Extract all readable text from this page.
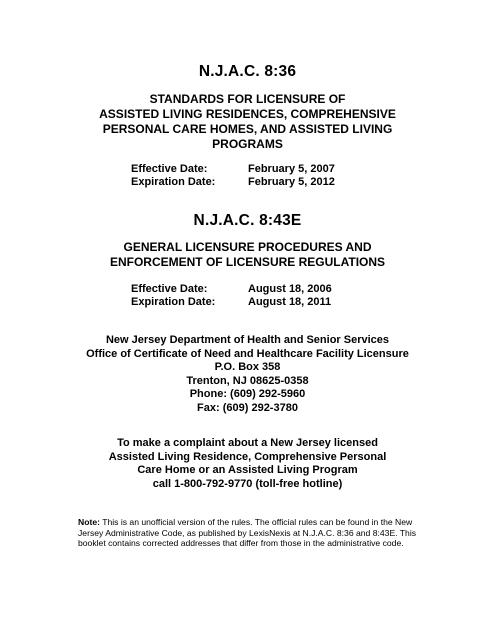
N.J.A.C. 8:36
STANDARDS FOR LICENSURE OF
ASSISTED LIVING RESIDENCES, COMPREHENSIVE
PERSONAL CARE HOMES, AND ASSISTED LIVING
PROGRAMS
Effective Date:	February 5, 2007
Expiration Date:	February 5, 2012
N.J.A.C. 8:43E
GENERAL LICENSURE PROCEDURES AND
ENFORCEMENT OF LICENSURE REGULATIONS
Effective Date:	August 18, 2006
Expiration Date:	August 18, 2011
New Jersey Department of Health and Senior Services
Office of Certificate of Need and Healthcare Facility Licensure
P.O. Box 358
Trenton, NJ 08625-0358
Phone: (609) 292-5960
Fax: (609) 292-3780
To make a complaint about a New Jersey licensed
Assisted Living Residence, Comprehensive Personal
Care Home or an Assisted Living Program
call 1-800-792-9770 (toll-free hotline)
Note: This is an unofficial version of the rules. The official rules can be found in the New Jersey Administrative Code, as published by LexisNexis at N.J.A.C. 8:36 and 8:43E. This booklet contains corrected addresses that differ from those in the administrative code.
